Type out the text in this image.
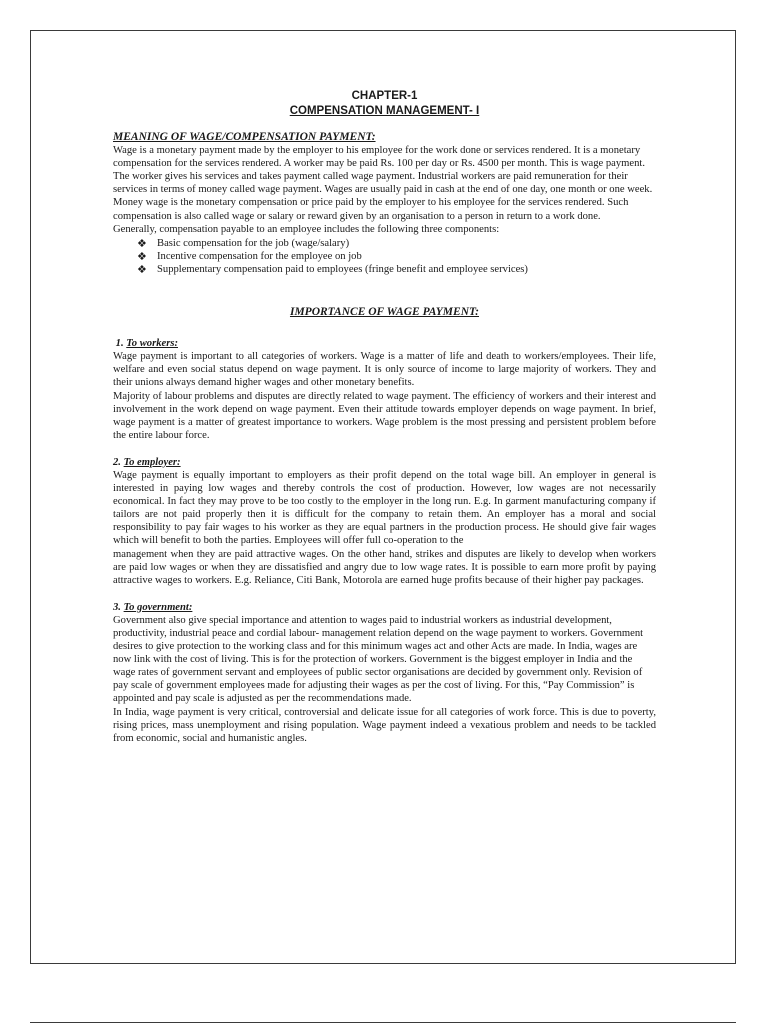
CHAPTER-1
COMPENSATION MANAGEMENT- I
MEANING OF WAGE/COMPENSATION PAYMENT:

Wage is a monetary payment made by the employer to his employee for the work done or services rendered. It is a monetary compensation for the services rendered. A worker may be paid Rs. 100 per day or Rs. 4500 per month. This is wage payment. The worker gives his services and takes payment called wage payment. Industrial workers are paid remuneration for their services in terms of money called wage payment. Wages are usually paid in cash at the end of one day, one month or one week. Money wage is the monetary compensation or price paid by the employer to his employee for the services rendered. Such compensation is also called wage or salary or reward given by an organisation to a person in return to a work done.

Generally, compensation payable to an employee includes the following three components:

❖ Basic compensation for the job (wage/salary)
❖ Incentive compensation for the employee on job
❖ Supplementary compensation paid to employees (fringe benefit and employee services)
IMPORTANCE OF WAGE PAYMENT:
1. To workers:

Wage payment is important to all categories of workers. Wage is a matter of life and death to workers/employees. Their life, welfare and even social status depend on wage payment. It is only source of income to large majority of workers. They and their unions always demand higher wages and other monetary benefits.

Majority of labour problems and disputes are directly related to wage payment. The efficiency of workers and their interest and involvement in the work depend on wage payment. Even their attitude towards employer depends on wage payment. In brief, wage payment is a matter of greatest importance to workers. Wage problem is the most pressing and persistent problem before the entire labour force.

2. To employer:

Wage payment is equally important to employers as their profit depend on the total wage bill. An employer in general is interested in paying low wages and thereby controls the cost of production. However, low wages are not necessarily economical. In fact they may prove to be too costly to the employer in the long run. E.g. In garment manufacturing company if tailors are not paid properly then it is difficult for the company to retain them. An employer has a moral and social responsibility to pay fair wages to his worker as they are equal partners in the production process. He should give fair wages which will benefit to both the parties. Employees will offer full co-operation to the

management when they are paid attractive wages. On the other hand, strikes and disputes are likely to develop when workers are paid low wages or when they are dissatisfied and angry due to low wage rates. It is possible to earn more profit by paying attractive wages to workers. E.g. Reliance, Citi Bank, Motorola are earned huge profits because of their higher pay packages.

3. To government:

Government also give special importance and attention to wages paid to industrial workers as industrial development, productivity, industrial peace and cordial labour- management relation depend on the wage payment to workers. Government desires to give protection to the working class and for this minimum wages act and other Acts are made. In India, wages are now link with the cost of living. This is for the protection of workers. Government is the biggest employer in India and the wage rates of government servant and employees of public sector organisations are decided by government only. Revision of pay scale of government employees made for adjusting their wages as per the cost of living. For this, “Pay Commission” is appointed and pay scale is adjusted as per the recommendations made.

In India, wage payment is very critical, controversial and delicate issue for all categories of work force. This is due to poverty, rising prices, mass unemployment and rising population. Wage payment indeed a vexatious problem and needs to be tackled from economic, social and humanistic angles.
